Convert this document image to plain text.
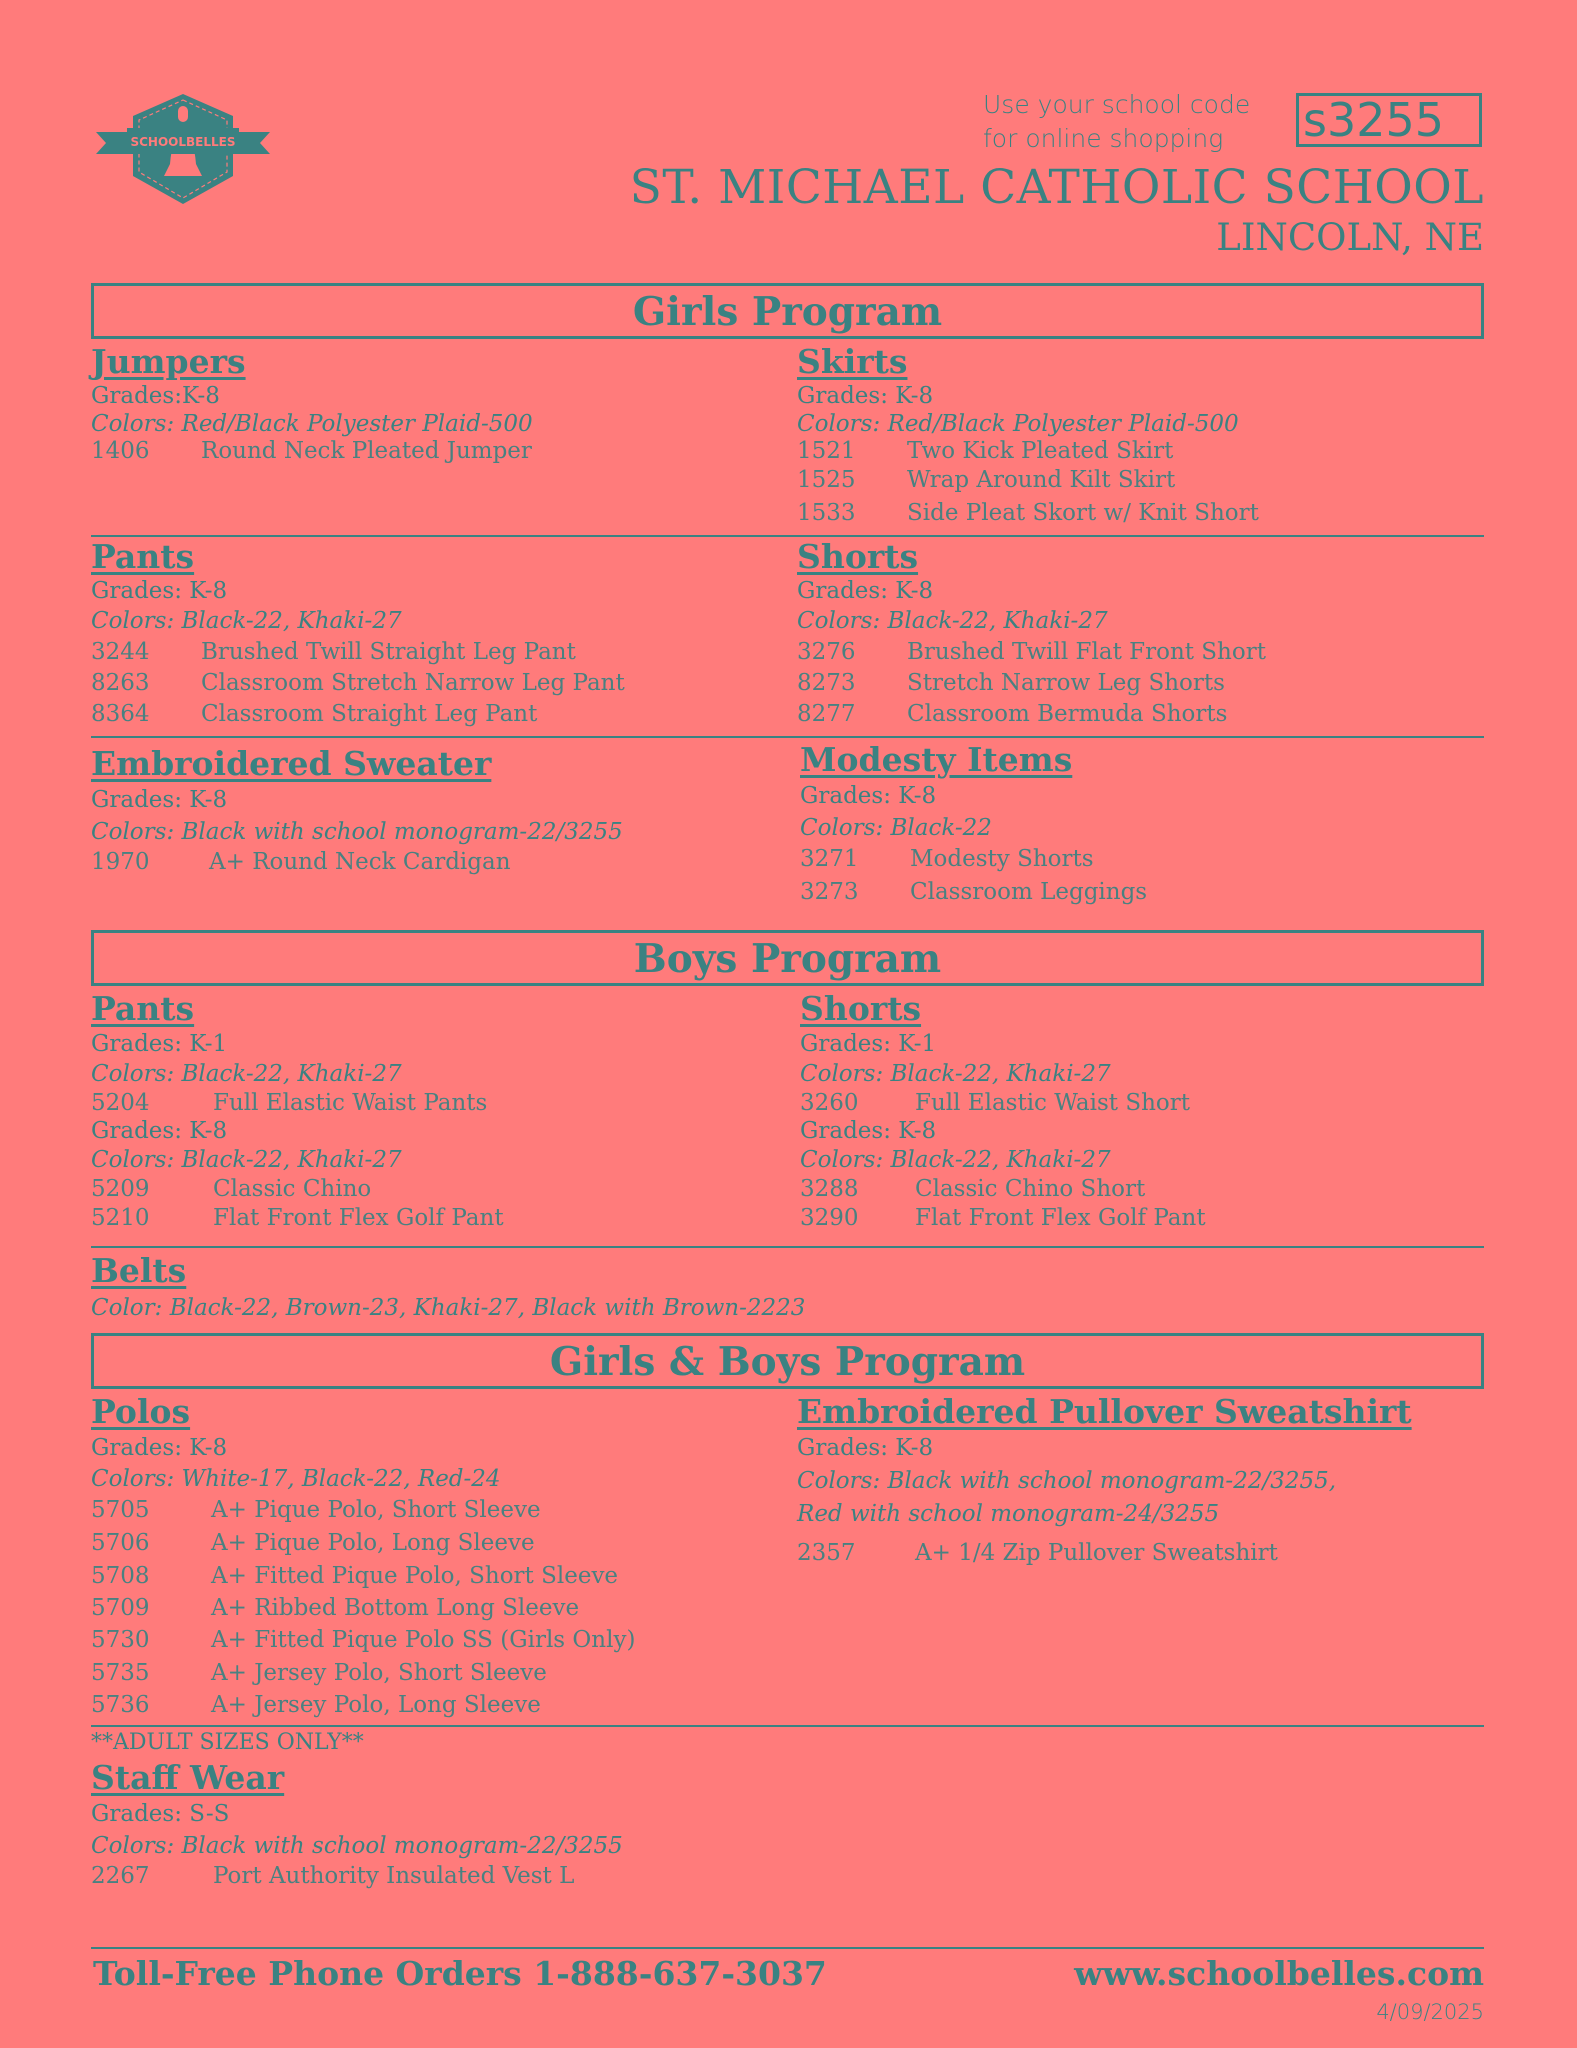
SCHOOLBELLES
Use your school code
for online shopping	s3255
ST. MICHAEL CATHOLIC SCHOOL
LINCOLN, NE
Girls Program
Jumpers
Grades:K-8
Colors: Red/Black Polyester Plaid-500
1406 Round Neck Pleated Jumper
Skirts
Grades: K-8
Colors: Red/Black Polyester Plaid-500
1521 Two Kick Pleated Skirt
1525 Wrap Around Kilt Skirt
1533 Side Pleat Skort w/ Knit Short
Pants
Grades: K-8
Colors: Black-22, Khaki-27
3244 Brushed Twill Straight Leg Pant
8263 Classroom Stretch Narrow Leg Pant
8364 Classroom Straight Leg Pant
Shorts
Grades: K-8
Colors: Black-22, Khaki-27
3276 Brushed Twill Flat Front Short
8273 Stretch Narrow Leg Shorts
8277 Classroom Bermuda Shorts
Embroidered Sweater
Grades: K-8
Colors: Black with school monogram-22/3255
1970	A+ Round Neck Cardigan
Modesty Items
Grades: K-8
Colors: Black-22
3271 Modesty Shorts
3273 Classroom Leggings
Boys Program
Pants
Grades: K-1
Colors: Black-22, Khaki-27
5204	Full Elastic Waist Pants
Grades: K-8
Colors: Black-22, Khaki-27
5209	Classic Chino
5210	Flat Front Flex Golf Pant
Shorts
Grades: K-1
Colors: Black-22, Khaki-27
3260 Full Elastic Waist Short
Grades: K-8
Colors: Black-22, Khaki-27
3288 Classic Chino Short
3290 Flat Front Flex Golf Pant
Belts
Color: Black-22, Brown-23, Khaki-27, Black with Brown-2223
Girls & Boys Program
Polos
Grades: K-8
Colors: White-17, Black-22, Red-24
5705	A+ Pique Polo, Short Sleeve
5706	A+ Pique Polo, Long Sleeve
5708	A+ Fitted Pique Polo, Short Sleeve
5709	A+ Ribbed Bottom Long Sleeve
5730	A+ Fitted Pique Polo SS (Girls Only)
5735	A+ Jersey Polo, Short Sleeve
5736	A+ Jersey Polo, Long Sleeve
Embroidered Pullover Sweatshirt
Grades: K-8
Colors: Black with school monogram-22/3255,
Red with school monogram-24/3255
2357	A+ 1/4 Zip Pullover Sweatshirt
**ADULT SIZES ONLY**
Staff Wear
Grades: S-S
Colors: Black with school monogram-22/3255
2267	Port Authority Insulated Vest L
Toll-Free Phone Orders 1-888-637-3037	www.schoolbelles.com
4/09/2025
